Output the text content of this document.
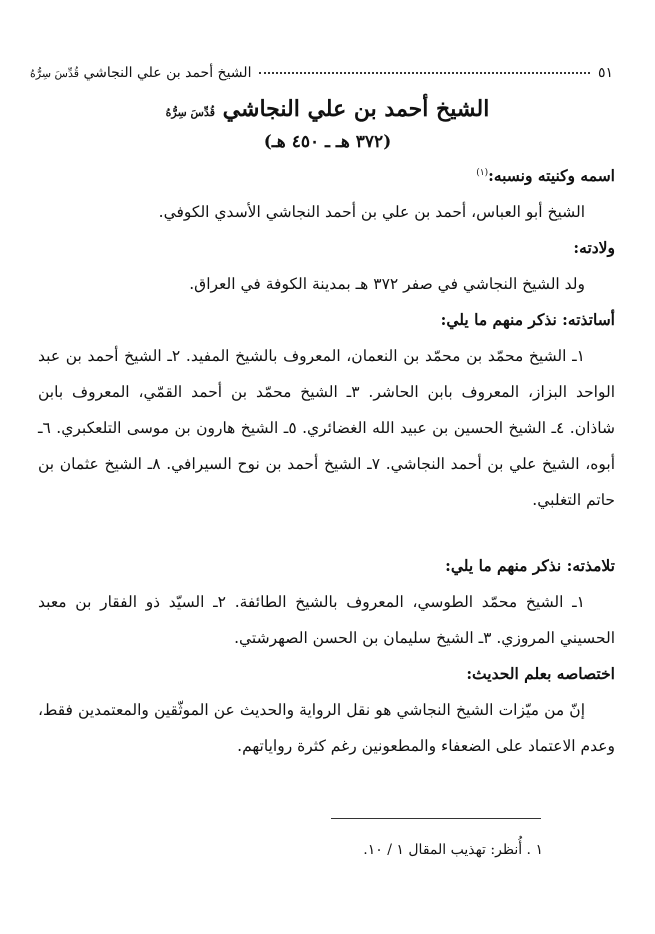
الشيخ أحمد بن علي النجاشي قُدِّسَ سِرُّهُ	٥١
الشيخ أحمد بن علي النجاشي قُدِّسَ سِرُّهُ
(٣٧٢ هـ ـ ٤٥٠ هـ)

اسمه وكنيته ونسبه:$^{(١)}$

الشيخ أبو العباس، أحمد بن علي بن أحمد النجاشي الأسدي الكوفي.

ولادته:

ولد الشيخ النجاشي في صفر ٣٧٢ هـ بمدينة الكوفة في العراق.

أساتذته: نذكر منهم ما يلي:

١ـ الشيخ محمّد بن محمّد بن النعمان، المعروف بالشيخ المفيد. ٢ـ الشيخ أحمد بن عبد الواحد البزاز، المعروف بابن الحاشر. ٣ـ الشيخ محمّد بن أحمد القمّي، المعروف بابن شاذان. ٤ـ الشيخ الحسين بن عبيد الله الغضائري. ٥ـ الشيخ هارون بن موسى التلعكبري. ٦ـ أبوه، الشيخ علي بن أحمد النجاشي. ٧ـ الشيخ أحمد بن نوح السيرافي. ٨ـ الشيخ عثمان بن حاتم التغلبي.

تلامذته: نذكر منهم ما يلي:

١ـ الشيخ محمّد الطوسي، المعروف بالشيخ الطائفة. ٢ـ السيّد ذو الفقار بن معبد الحسيني المروزي. ٣ـ الشيخ سليمان بن الحسن الصهرشتي.

اختصاصه بعلم الحديث:

إنّ من ميّزات الشيخ النجاشي هو نقل الرواية والحديث عن الموثّقين والمعتمدين فقط، وعدم الاعتماد على الضعفاء والمطعونين رغم كثرة رواياتهم.

١ . أُنظر: تهذيب المقال ١ / ١٠.
